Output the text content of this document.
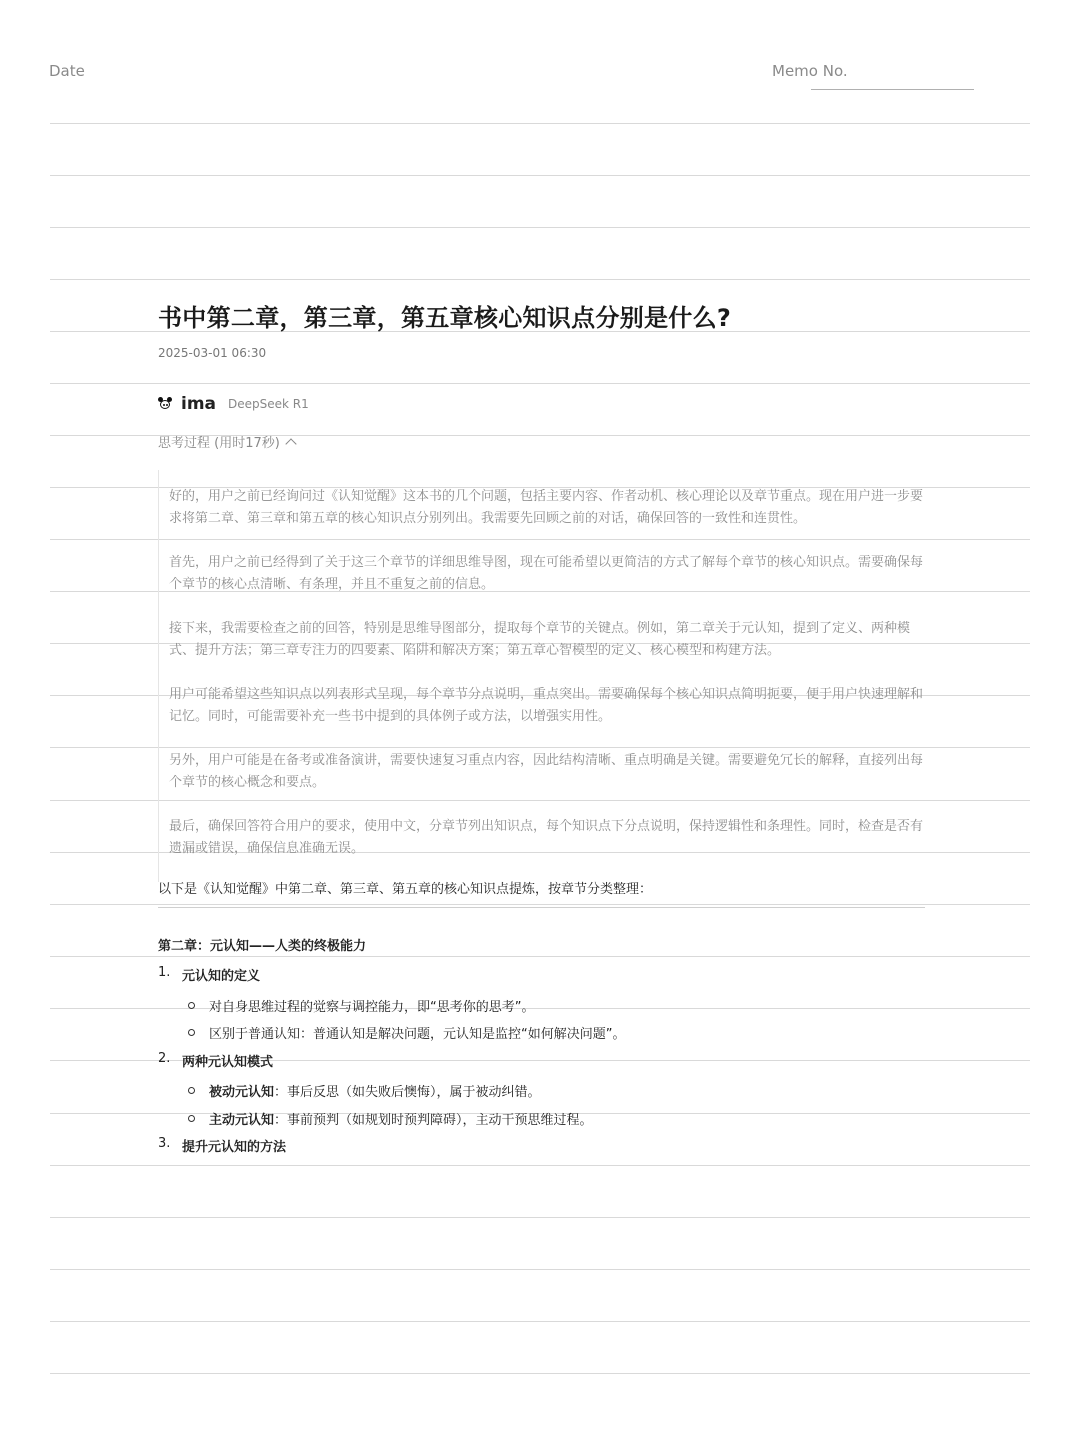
Date	Memo No.
书中第二章，第三章，第五章核心知识点分别是什么?
2025-03-01 06:30
ima DeepSeek R1
思考过程 (用时17秒)

好的，用户之前已经询问过《认知觉醒》这本书的几个问题，包括主要内容、作者动机、核心理论以及章节重点。现在用户进一步要求将第二章、第三章和第五章的核心知识点分别列出。我需要先回顾之前的对话，确保回答的一致性和连贯性。

首先，用户之前已经得到了关于这三个章节的详细思维导图，现在可能希望以更简洁的方式了解每个章节的核心知识点。需要确保每个章节的核心点清晰、有条理，并且不重复之前的信息。

接下来，我需要检查之前的回答，特别是思维导图部分，提取每个章节的关键点。例如，第二章关于元认知，提到了定义、两种模式、提升方法；第三章专注力的四要素、陷阱和解决方案；第五章心智模型的定义、核心模型和构建方法。

用户可能希望这些知识点以列表形式呈现，每个章节分点说明，重点突出。需要确保每个核心知识点简明扼要，便于用户快速理解和记忆。同时，可能需要补充一些书中提到的具体例子或方法，以增强实用性。

另外，用户可能是在备考或准备演讲，需要快速复习重点内容，因此结构清晰、重点明确是关键。需要避免冗长的解释，直接列出每个章节的核心概念和要点。

最后，确保回答符合用户的要求，使用中文，分章节列出知识点，每个知识点下分点说明，保持逻辑性和条理性。同时，检查是否有遗漏或错误，确保信息准确无误。

以下是《认知觉醒》中第二章、第三章、第五章的核心知识点提炼，按章节分类整理：
第二章：元认知——人类的终极能力
1. 元认知的定义
对自身思维过程的觉察与调控能力，即“思考你的思考”。
区别于普通认知：普通认知是解决问题，元认知是监控“如何解决问题”。
2. 两种元认知模式
被动元认知 ：事后反思（如失败后懊悔），属于被动纠错。
主动元认知 ：事前预判（如规划时预判障碍），主动干预思维过程。
3. 提升元认知的方法
